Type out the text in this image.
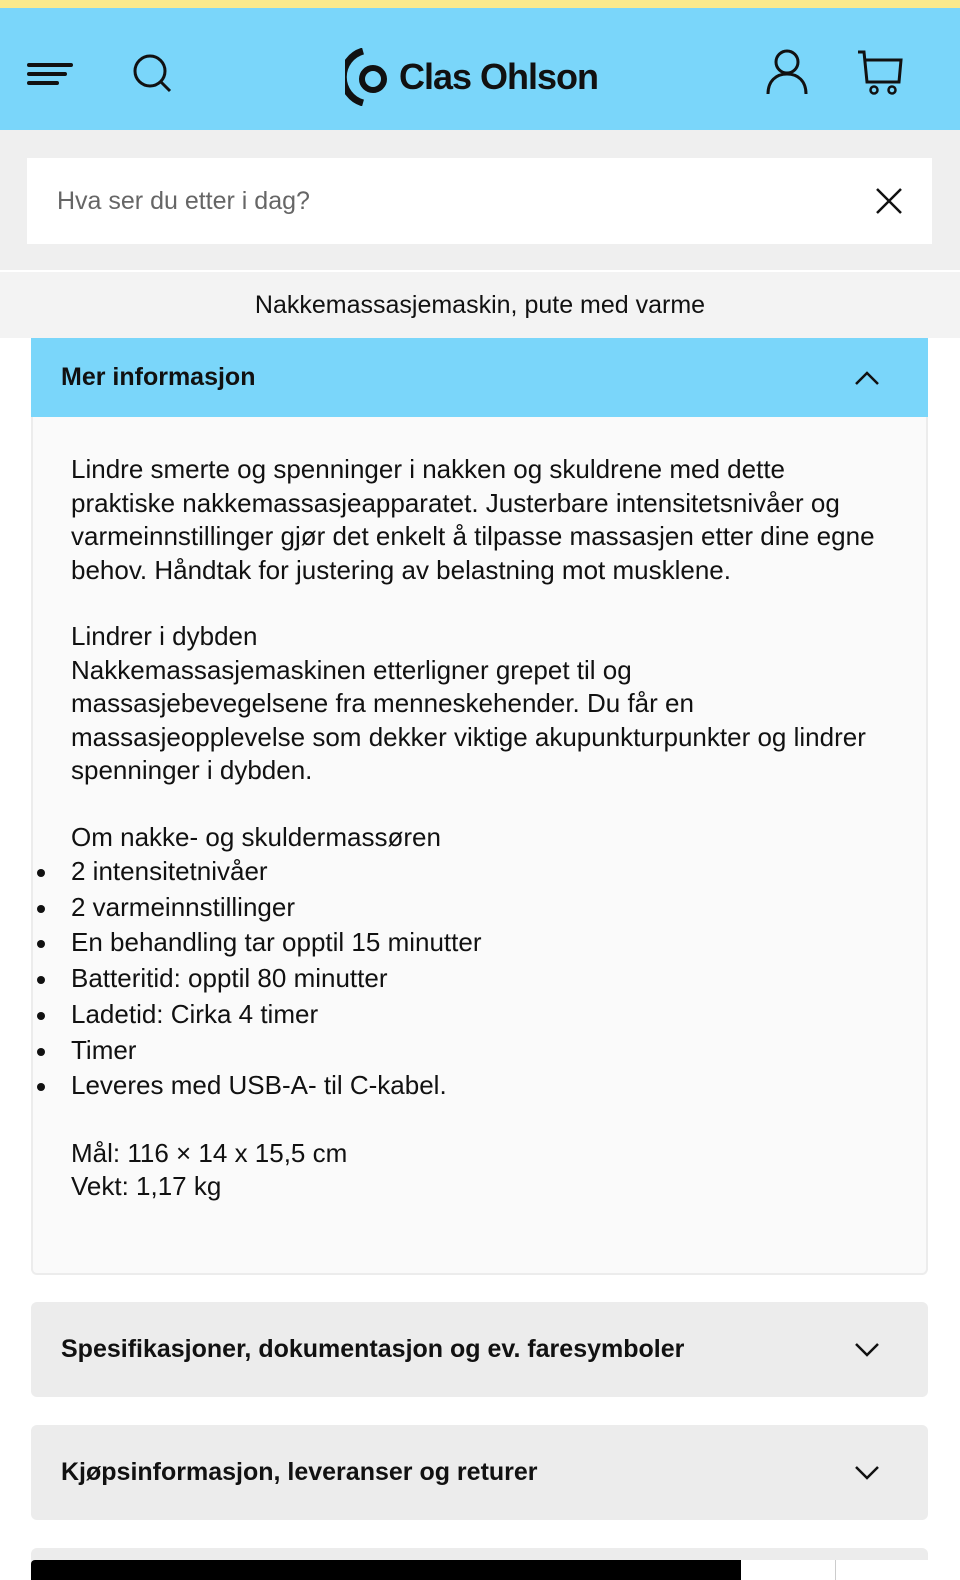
Clas Ohlson
Hva ser du etter i dag?
Nakkemassasjemaskin, pute med varme
Mer informasjon

Lindre smerte og spenninger i nakken og skuldrene med dette praktiske nakkemassasjeapparatet. Justerbare intensitetsnivåer og varmeinnstillinger gjør det enkelt å tilpasse massasjen etter dine egne behov. Håndtak for justering av belastning mot musklene.

Lindrer i dybden

Nakkemassasjemaskinen etterligner grepet til og massasjebevegelsene fra menneskehender. Du får en massasjeopplevelse som dekker viktige akupunkturpunkter og lindrer spenninger i dybden.

Om nakke- og skuldermassøren

2 intensitetnivåer
2 varmeinnstillinger
En behandling tar opptil 15 minutter
Batteritid: opptil 80 minutter
Ladetid: Cirka 4 timer
Timer
Leveres med USB-A- til C-kabel.
Mål: 116 × 14 x 15,5 cm
Vekt: 1,17 kg
Spesifikasjoner, dokumentasjon og ev. faresymboler
Kjøpsinformasjon, leveranser og returer
